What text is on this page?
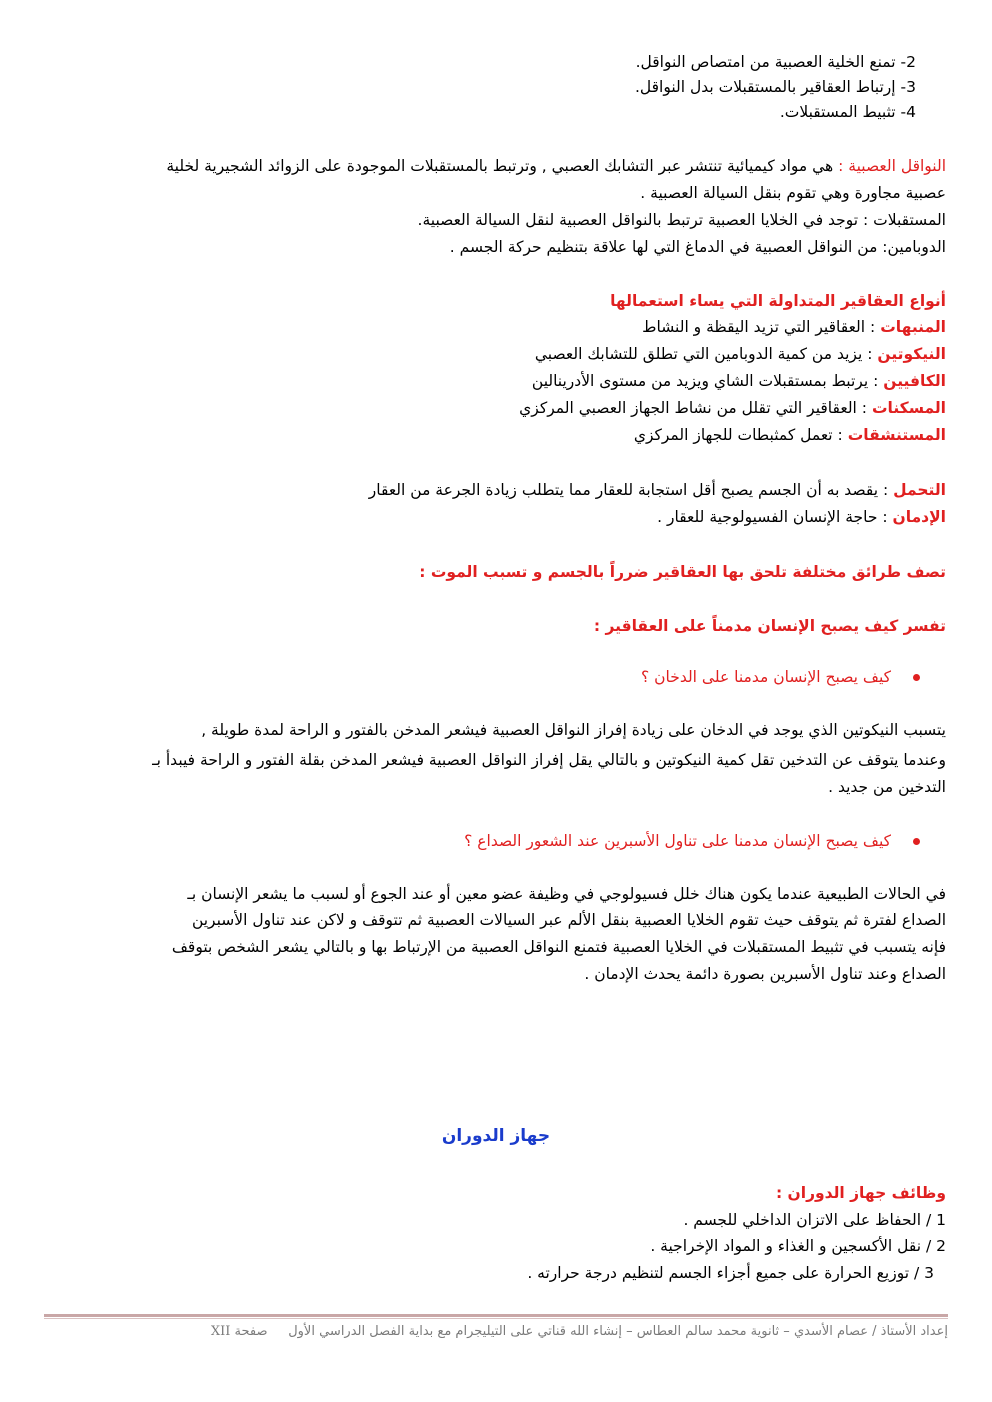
2- تمنع الخلية العصبية من امتصاص النواقل.
3- إرتباط العقاقير بالمستقبلات بدل النواقل.
4- تثبيط المستقبلات.
النواقل العصبية : هي مواد كيميائية تنتشر عبر التشابك العصبي , وترتبط بالمستقبلات الموجودة على الزوائد الشجيرية لخلية
عصبية مجاورة وهي تقوم بنقل السيالة العصبية .
المستقبلات : توجد في الخلايا العصبية ترتبط بالنواقل العصبية لنقل السيالة العصبية.
الدوبامين: من النواقل العصبية في الدماغ التي لها علاقة بتنظيم حركة الجسم .
أنواع العقاقير المتداولة التي يساء استعمالها
المنبهات : العقاقير التي تزيد اليقظة و النشاط
النيكوتين : يزيد من كمية الدوبامين التي تطلق للتشابك العصبي
الكافيين : يرتبط بمستقبلات الشاي ويزيد من مستوى الأدرينالين
المسكنات : العقاقير التي تقلل من نشاط الجهاز العصبي المركزي
المستنشقات : تعمل كمثبطات للجهاز المركزي
التحمل : يقصد به أن الجسم يصبح أقل استجابة للعقار مما يتطلب زيادة الجرعة من العقار
الإدمان : حاجة الإنسان الفسيولوجية للعقار .
تصف طرائق مختلفة تلحق بها العقاقير ضرراً بالجسم و تسبب الموت :
تفسر كيف يصبح الإنسان مدمناً على العقاقير :
كيف يصبح الإنسان مدمنا على الدخان ؟
يتسبب النيكوتين الذي يوجد في الدخان على زيادة إفراز النواقل العصبية فيشعر المدخن بالفتور و الراحة لمدة طويلة ,
وعندما يتوقف عن التدخين تقل كمية النيكوتين و بالتالي يقل إفراز النواقل العصبية فيشعر المدخن بقلة الفتور و الراحة فيبدأ بـ
التدخين من جديد .
كيف يصبح الإنسان مدمنا على تناول الأسبرين عند الشعور الصداع ؟
في الحالات الطبيعية عندما يكون هناك خلل فسيولوجي في وظيفة عضو معين أو عند الجوع أو لسبب ما يشعر الإنسان بـ
الصداع لفترة ثم يتوقف حيث تقوم الخلايا العصبية بنقل الألم عبر السيالات العصبية ثم تتوقف و لاكن عند تناول الأسبرين
فإنه يتسبب في تثبيط المستقبلات في الخلايا العصبية فتمنع النواقل العصبية من الإرتباط بها و بالتالي يشعر الشخص بتوقف
الصداع وعند تناول الأسبرين بصورة دائمة يحدث الإدمان .
جهاز الدوران
وظائف جهاز الدوران :
1 / الحفاظ على الاتزان الداخلي للجسم .
2 / نقل الأكسجين و الغذاء و المواد الإخراجية .
3 / توزيع الحرارة على جميع أجزاء الجسم لتنظيم درجة حرارته .
إعداد الأستاذ / عصام الأسدي – ثانوية محمد سالم العطاس – إنشاء الله قناتي على التيليجرام مع بداية الفصل الدراسي الأول     صفحة XII
